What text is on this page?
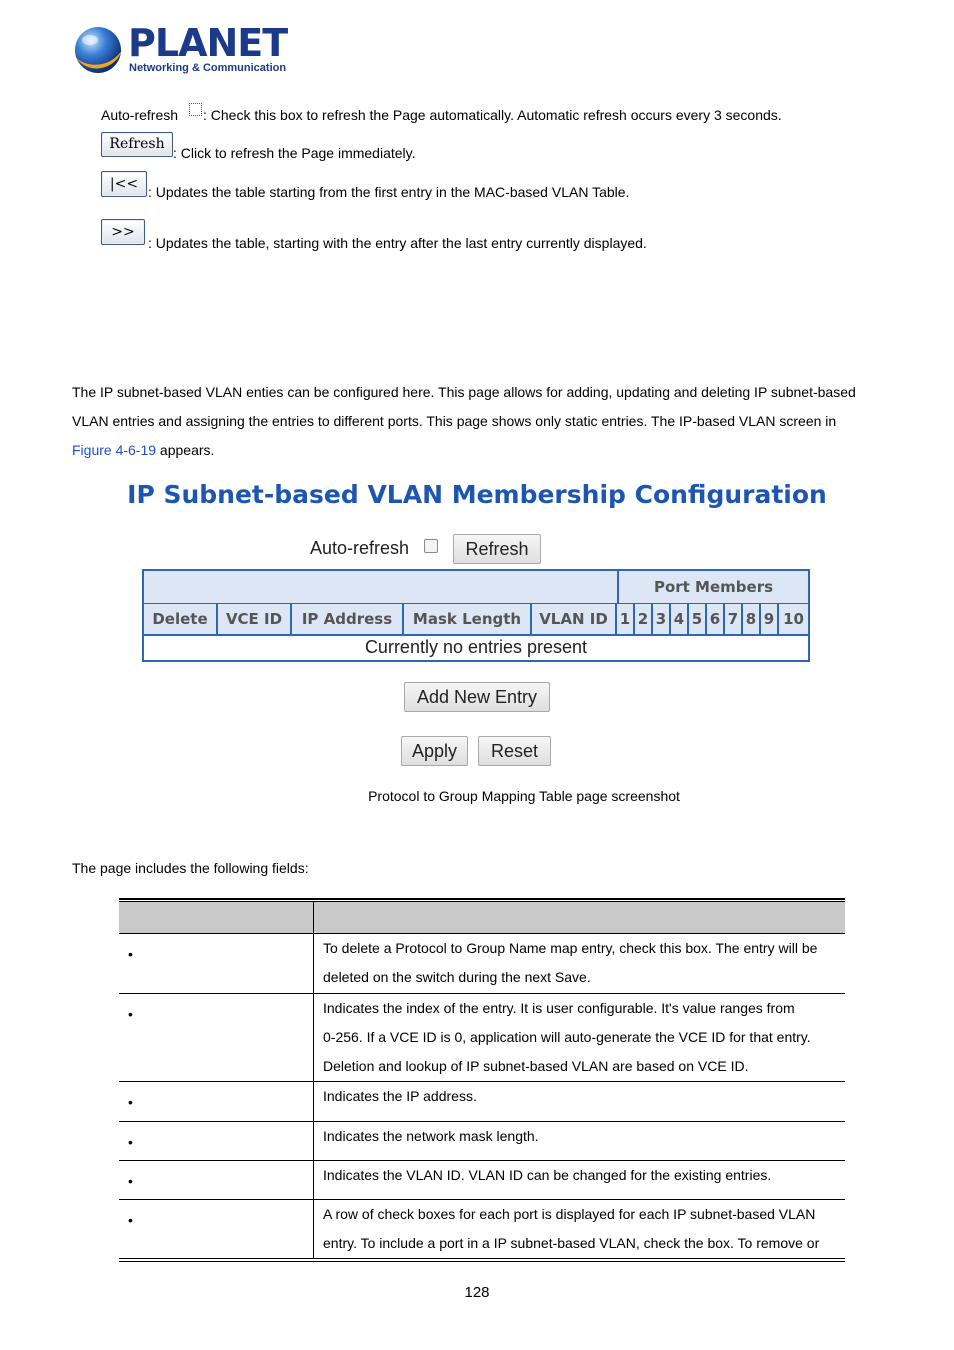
PLANET
Networking & Communication
Auto-refresh : Check this box to refresh the Page automatically. Automatic refresh occurs every 3 seconds.
Refresh
: Click to refresh the Page immediately.
|<< : Updates the table starting from the first entry in the MAC-based VLAN Table.
>>
: Updates the table, starting with the entry after the last entry currently displayed.
The IP subnet-based VLAN enties can be configured here. This page allows for adding, updating and deleting IP subnet-based
VLAN entries and assigning the entries to different ports. This page shows only static entries. The IP-based VLAN screen in
Figure 4-6-19 appears.
IP Subnet-based VLAN Membership Configuration
Auto-refresh	Refresh
Port Members
Delete	VCE ID	IP Address	Mask Length	VLAN ID 1 2 3 4 5 6 7 8 9 10
Currently no entries present
Add New Entry
Apply	Reset
Protocol to Group Mapping Table page screenshot
The page includes the following fields:
•	To delete a Protocol to Group Name map entry, check this box. The entry will be
deleted on the switch during the next Save.

•	Indicates the index of the entry. It is user configurable. It's value ranges from
0-256. If a VCE ID is 0, application will auto-generate the VCE ID for that entry.
Deletion and lookup of IP subnet-based VLAN are based on VCE ID.

•	Indicates the IP address.

•	Indicates the network mask length.

•	Indicates the VLAN ID. VLAN ID can be changed for the existing entries.

•	A row of check boxes for each port is displayed for each IP subnet-based VLAN
entry. To include a port in a IP subnet-based VLAN, check the box. To remove or
128
